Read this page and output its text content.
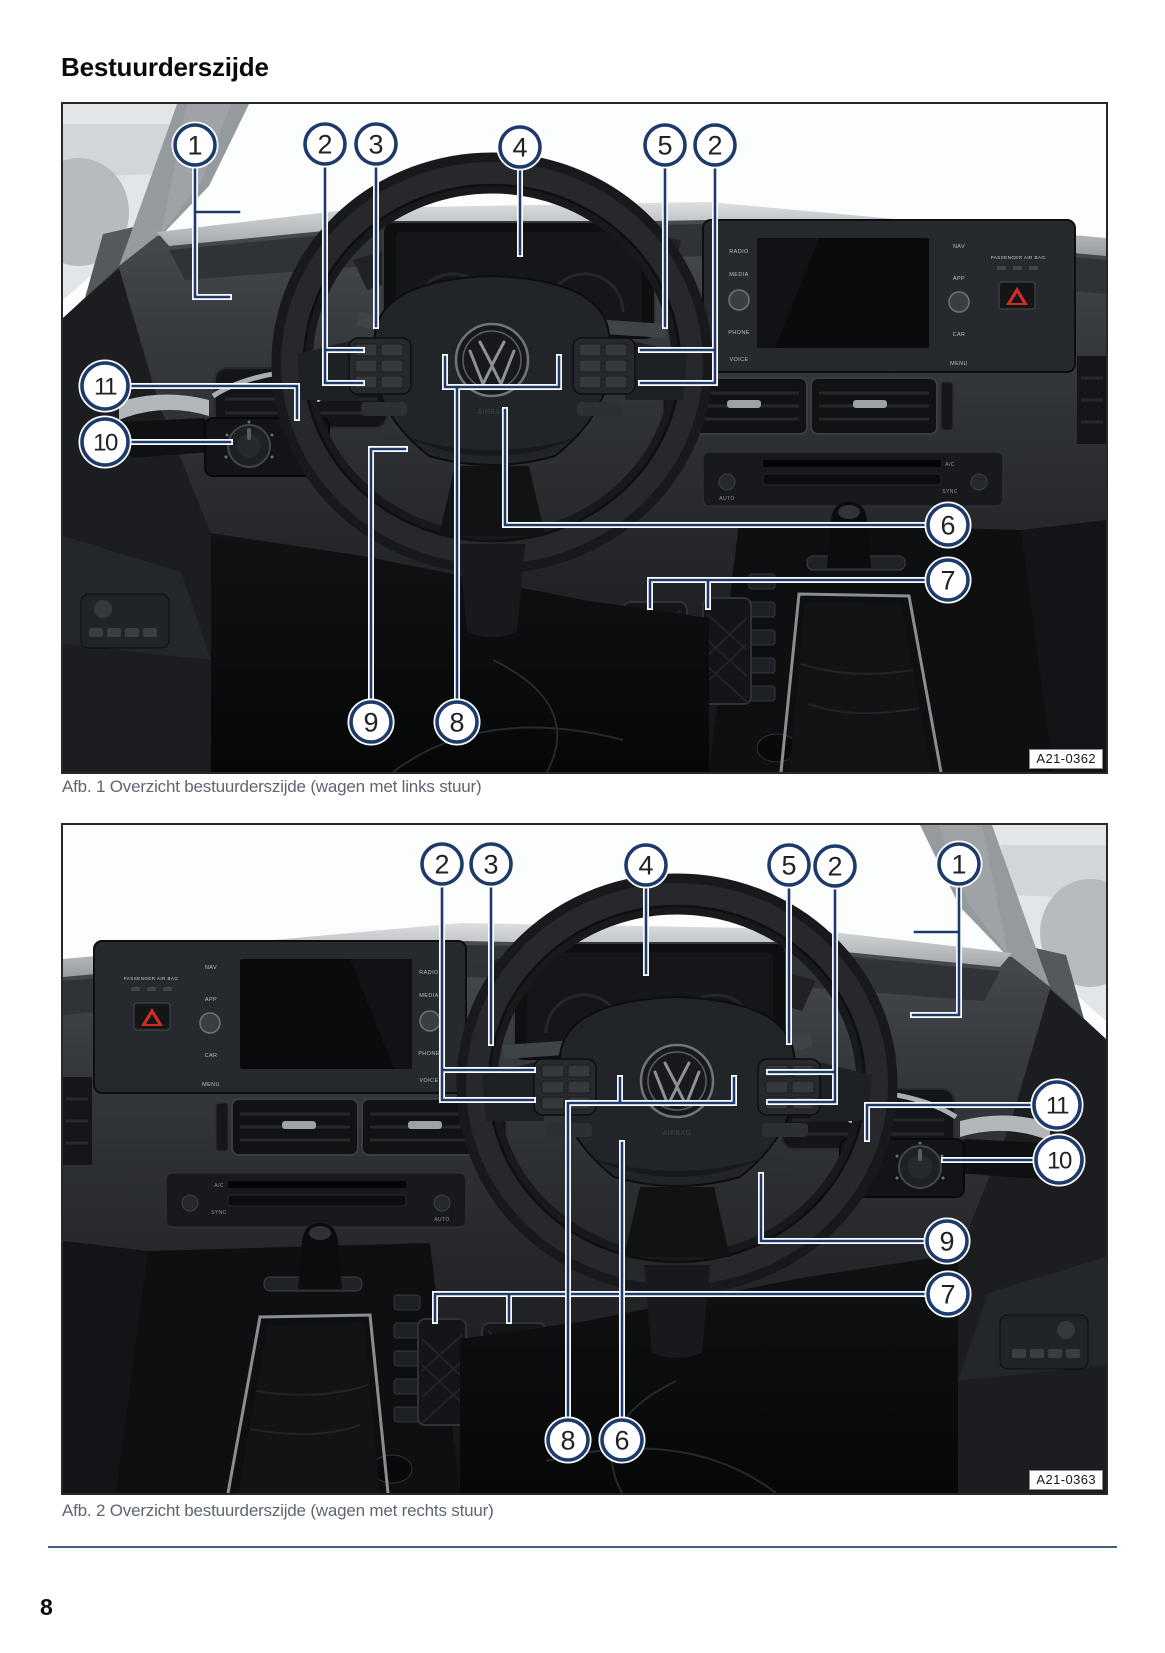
Bestuurderszijde
RADIO
MEDIA
PHONE
VOICE
NAV
APP
CAR
MENU
PASSENGER AIR BAG
AUTO
A/C
SYNC
AIRBAG
1	2 3	4	5 2
11
10
6
7
9	8
A21-0362
Afb. 1 Overzicht bestuurderszijde (wagen met links stuur)
RADIO
MEDIA
PHONE
VOICE
NAV
APP
CAR
MENU
PASSENGER AIR BAG
AUTO
A/C
SYNC
AIRBAG
2 3	4	5 2	1
11
10
9
7
8 6
A21-0363
Afb. 2 Overzicht bestuurderszijde (wagen met rechts stuur)
8
